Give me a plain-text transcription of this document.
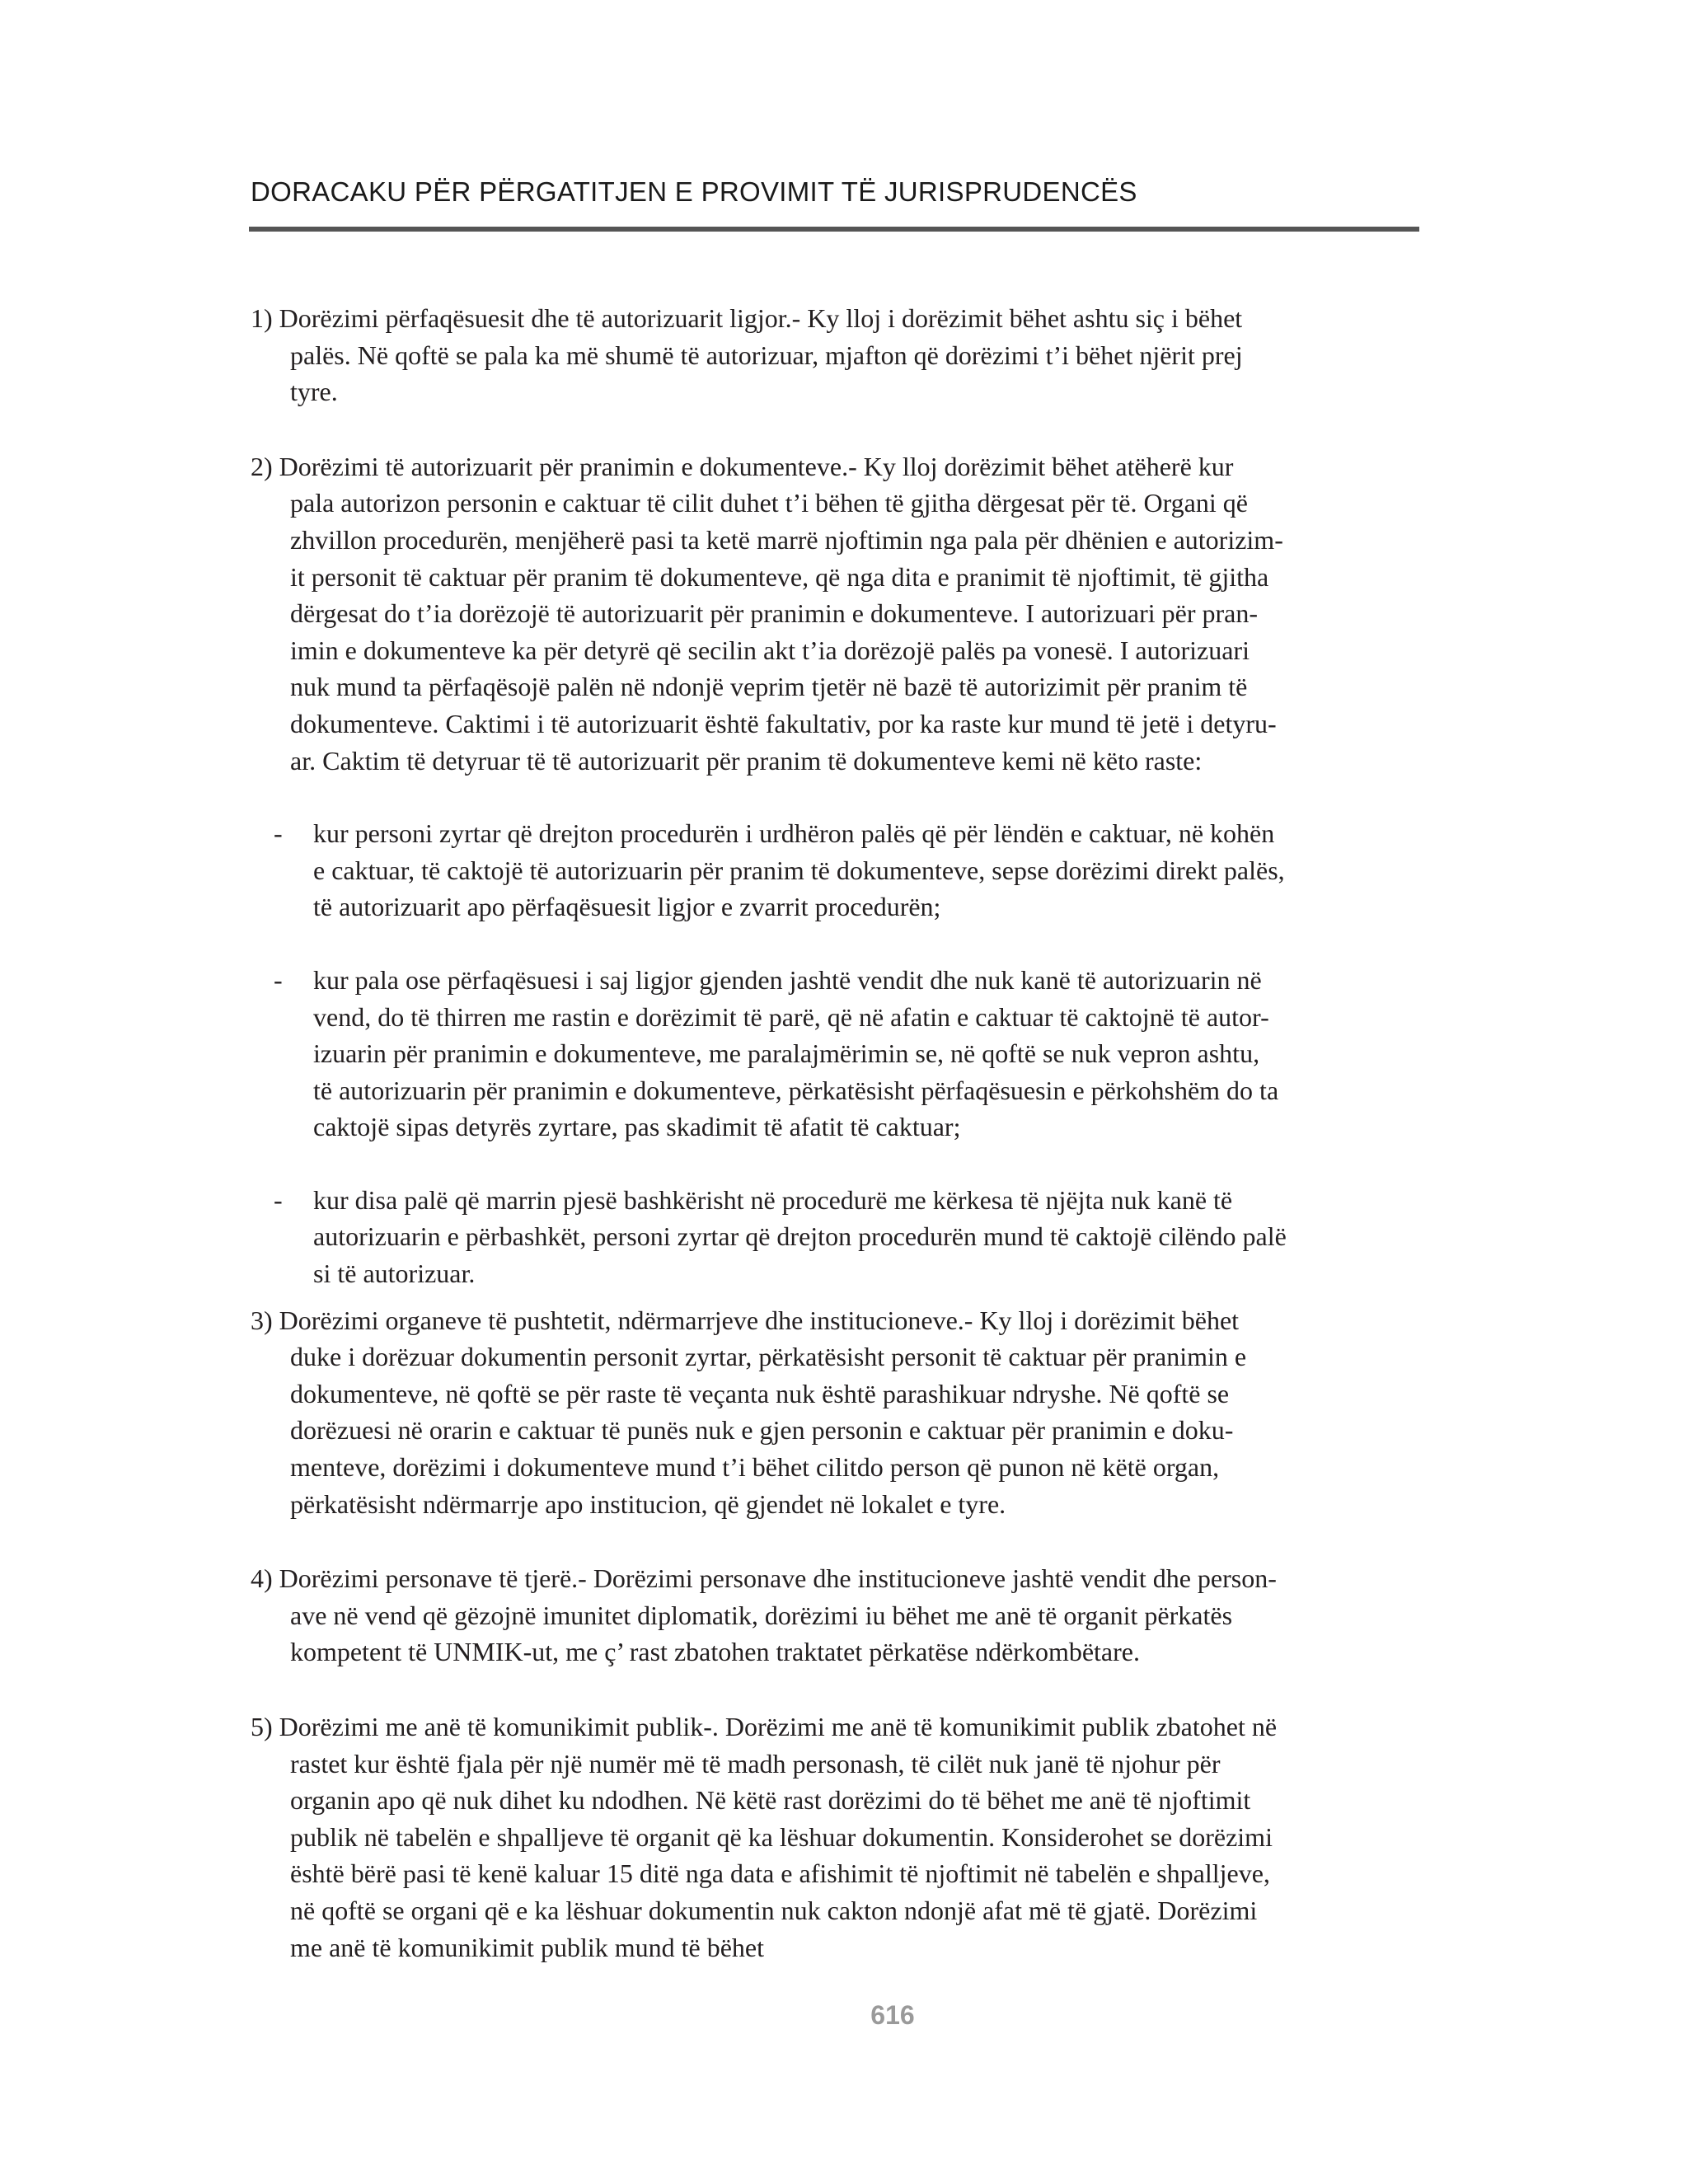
DORACAKU PËR PËRGATITJEN E PROVIMIT TË JURISPRUDENCËS
1) Dorëzimi përfaqësuesit dhe të autorizuarit ligjor.- Ky lloj i dorëzimit bëhet ashtu siç i bëhet
palës. Në qoftë se pala ka më shumë të autorizuar, mjafton që dorëzimi t’i bëhet njërit prej
tyre.
2) Dorëzimi të autorizuarit për pranimin e dokumenteve.- Ky lloj dorëzimit bëhet atëherë kur
pala autorizon personin e caktuar të cilit duhet t’i bëhen të gjitha dërgesat për të. Organi që
zhvillon procedurën, menjëherë pasi ta ketë marrë njoftimin nga pala për dhënien e autorizim-
it personit të caktuar për pranim të dokumenteve, që nga dita e pranimit të njoftimit, të gjitha
dërgesat do t’ia dorëzojë të autorizuarit për pranimin e dokumenteve. I autorizuari për pran-
imin e dokumenteve ka për detyrë që secilin akt t’ia dorëzojë palës pa vonesë. I autorizuari
nuk mund ta përfaqësojë palën në ndonjë veprim tjetër në bazë të autorizimit për pranim të
dokumenteve. Caktimi i të autorizuarit është fakultativ, por ka raste kur mund të jetë i detyru-
ar. Caktim të detyruar të të autorizuarit për pranim të dokumenteve kemi në këto raste:
- kur personi zyrtar që drejton procedurën i urdhëron palës që për lëndën e caktuar, në kohën
e caktuar, të caktojë të autorizuarin për pranim të dokumenteve, sepse dorëzimi direkt palës,
të autorizuarit apo përfaqësuesit ligjor e zvarrit procedurën;
- kur pala ose përfaqësuesi i saj ligjor gjenden jashtë vendit dhe nuk kanë të autorizuarin në
vend, do të thirren me rastin e dorëzimit të parë, që në afatin e caktuar të caktojnë të autor-
izuarin për pranimin e dokumenteve, me paralajmërimin se, në qoftë se nuk vepron ashtu,
të autorizuarin për pranimin e dokumenteve, përkatësisht përfaqësuesin e përkohshëm do ta
caktojë sipas detyrës zyrtare, pas skadimit të afatit të caktuar;
- kur disa palë që marrin pjesë bashkërisht në procedurë me kërkesa të njëjta nuk kanë të
autorizuarin e përbashkët, personi zyrtar që drejton procedurën mund të caktojë cilëndo palë
si të autorizuar.
3) Dorëzimi organeve të pushtetit, ndërmarrjeve dhe institucioneve.- Ky lloj i dorëzimit bëhet
duke i dorëzuar dokumentin personit zyrtar, përkatësisht personit të caktuar për pranimin e
dokumenteve, në qoftë se për raste të veçanta nuk është parashikuar ndryshe. Në qoftë se
dorëzuesi në orarin e caktuar të punës nuk e gjen personin e caktuar për pranimin e doku-
menteve, dorëzimi i dokumenteve mund t’i bëhet cilitdo person që punon në këtë organ,
përkatësisht ndërmarrje apo institucion, që gjendet në lokalet e tyre.
4) Dorëzimi personave të tjerë.- Dorëzimi personave dhe institucioneve jashtë vendit dhe person-
ave në vend që gëzojnë imunitet diplomatik, dorëzimi iu bëhet me anë të organit përkatës
kompetent të UNMIK-ut, me ç’ rast zbatohen traktatet përkatëse ndërkombëtare.
5) Dorëzimi me anë të komunikimit publik-. Dorëzimi me anë të komunikimit publik zbatohet në
rastet kur është fjala për një numër më të madh personash, të cilët nuk janë të njohur për
organin apo që nuk dihet ku ndodhen. Në këtë rast dorëzimi do të bëhet me anë të njoftimit
publik në tabelën e shpalljeve të organit që ka lëshuar dokumentin. Konsiderohet se dorëzimi
është bërë pasi të kenë kaluar 15 ditë nga data e afishimit të njoftimit në tabelën e shpalljeve,
në qoftë se organi që e ka lëshuar dokumentin nuk cakton ndonjë afat më të gjatë. Dorëzimi
me anë të komunikimit publik mund të bëhet
616
